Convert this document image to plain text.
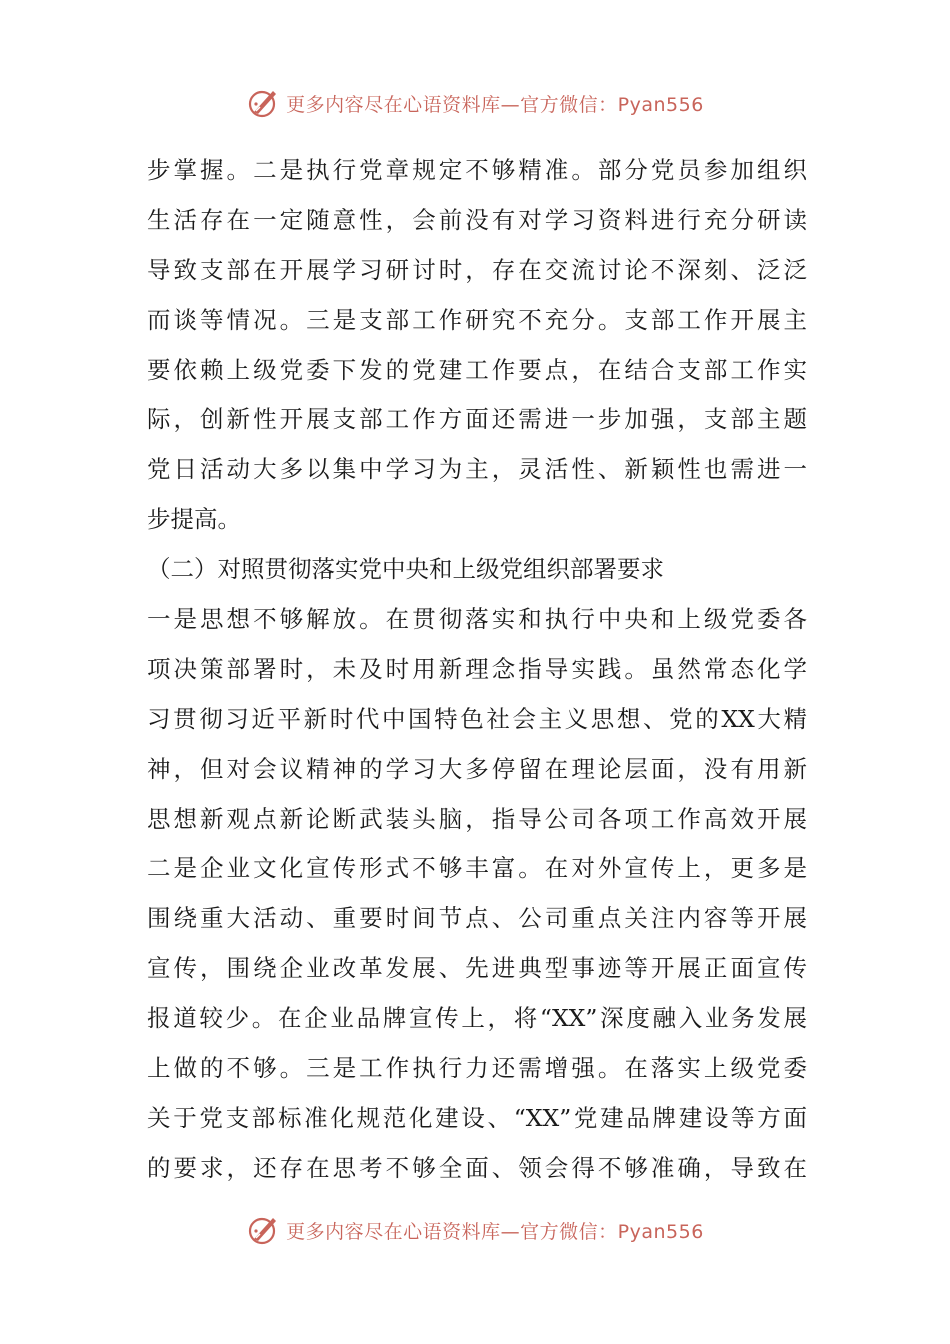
更多内容尽在心语资料库—官方微信：Pyan556
步掌握。二是执行党章规定不够精准。部分党员参加组织
生活存在一定随意性，会前没有对学习资料进行充分研读
导致支部在开展学习研讨时，存在交流讨论不深刻、泛泛
而谈等情况。三是支部工作研究不充分。支部工作开展主
要依赖上级党委下发的党建工作要点，在结合支部工作实
际，创新性开展支部工作方面还需进一步加强，支部主题
党日活动大多以集中学习为主，灵活性、新颖性也需进一
步提高。
（二）对照贯彻落实党中央和上级党组织部署要求
一是思想不够解放。在贯彻落实和执行中央和上级党委各
项决策部署时，未及时用新理念指导实践。虽然常态化学
习贯彻习近平新时代中国特色社会主义思想、党的XX大精
神，但对会议精神的学习大多停留在理论层面，没有用新
思想新观点新论断武装头脑，指导公司各项工作高效开展
二是企业文化宣传形式不够丰富。在对外宣传上，更多是
围绕重大活动、重要时间节点、公司重点关注内容等开展
宣传，围绕企业改革发展、先进典型事迹等开展正面宣传
报道较少。在企业品牌宣传上，将“XX”深度融入业务发展
上做的不够。三是工作执行力还需增强。在落实上级党委
关于党支部标准化规范化建设、“XX”党建品牌建设等方面
的要求，还存在思考不够全面、领会得不够准确，导致在
更多内容尽在心语资料库—官方微信：Pyan556
